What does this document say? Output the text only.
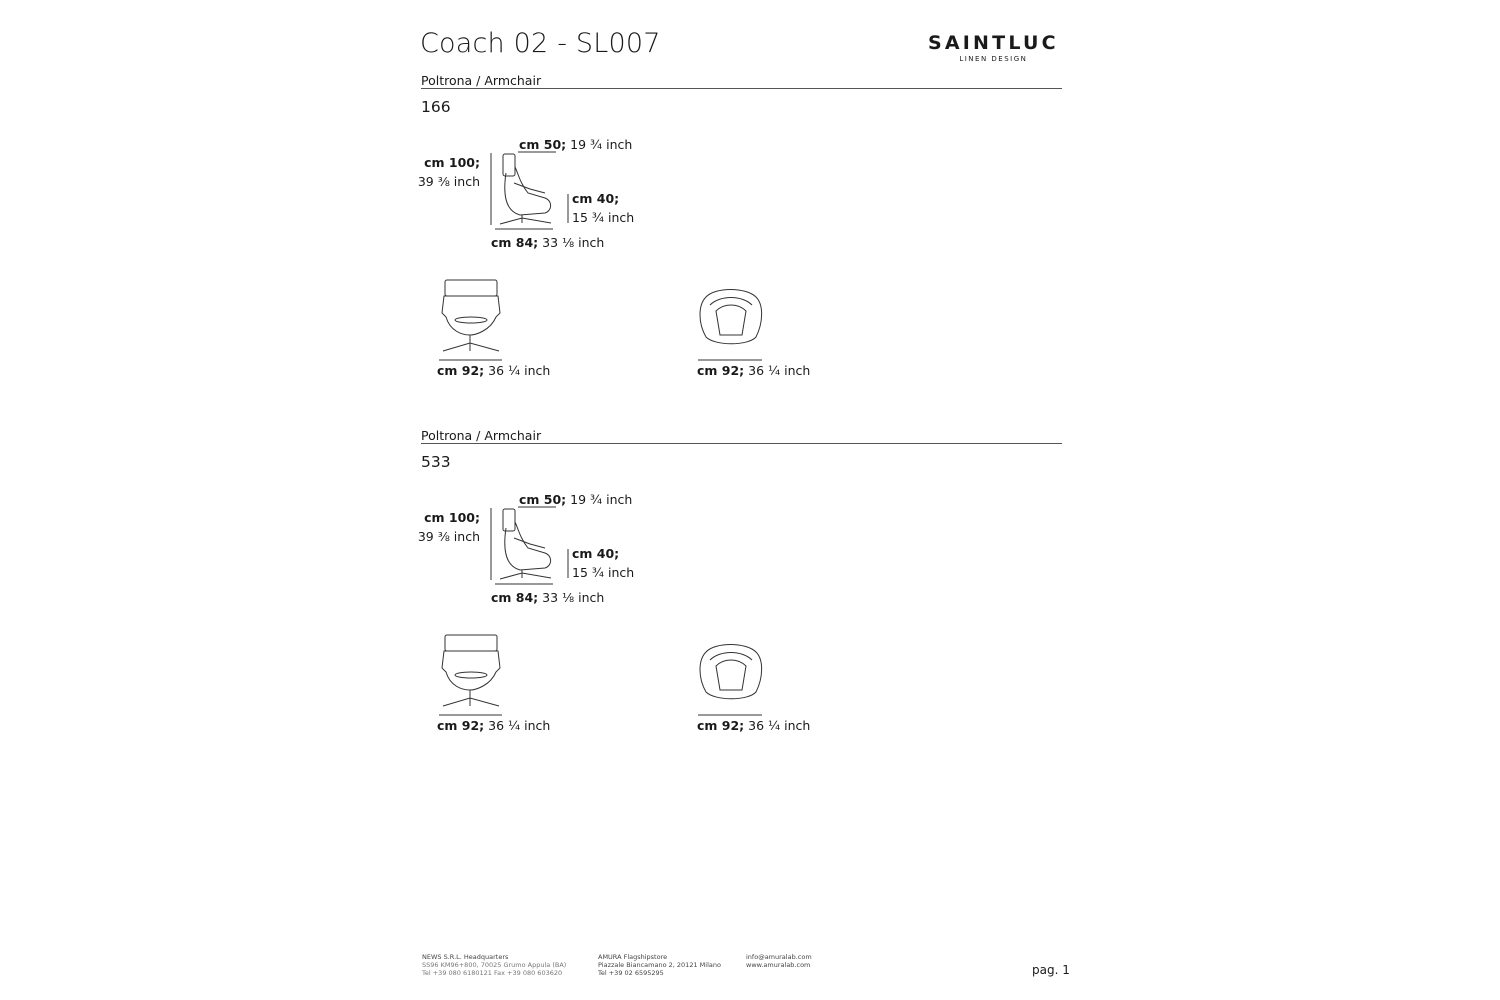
Coach 02 - SL007	SAINTLUC
LINEN DESIGN
Poltrona / Armchair
166
cm 50; 19 ¾ inch
cm 100;
39 ⅜ inch
cm 40;
15 ¾ inch
cm 84; 33 ⅛ inch
cm 92; 36 ¼ inch	cm 92; 36 ¼ inch
Poltrona / Armchair
533
cm 50; 19 ¾ inch
cm 100;
39 ⅜ inch
cm 40;
15 ¾ inch
cm 84; 33 ⅛ inch
cm 92; 36 ¼ inch	cm 92; 36 ¼ inch
NEWS S.R.L. Headquarters
SS96 KM96+800, 70025 Grumo Appula (BA)
Tel +39 080 6180121 Fax +39 080 603620
AMURA Flagshipstore
Piazzale Biancamano 2, 20121 Milano
Tel +39 02 6595295
info@amuralab.com
www.amuralab.com	pag. 1
